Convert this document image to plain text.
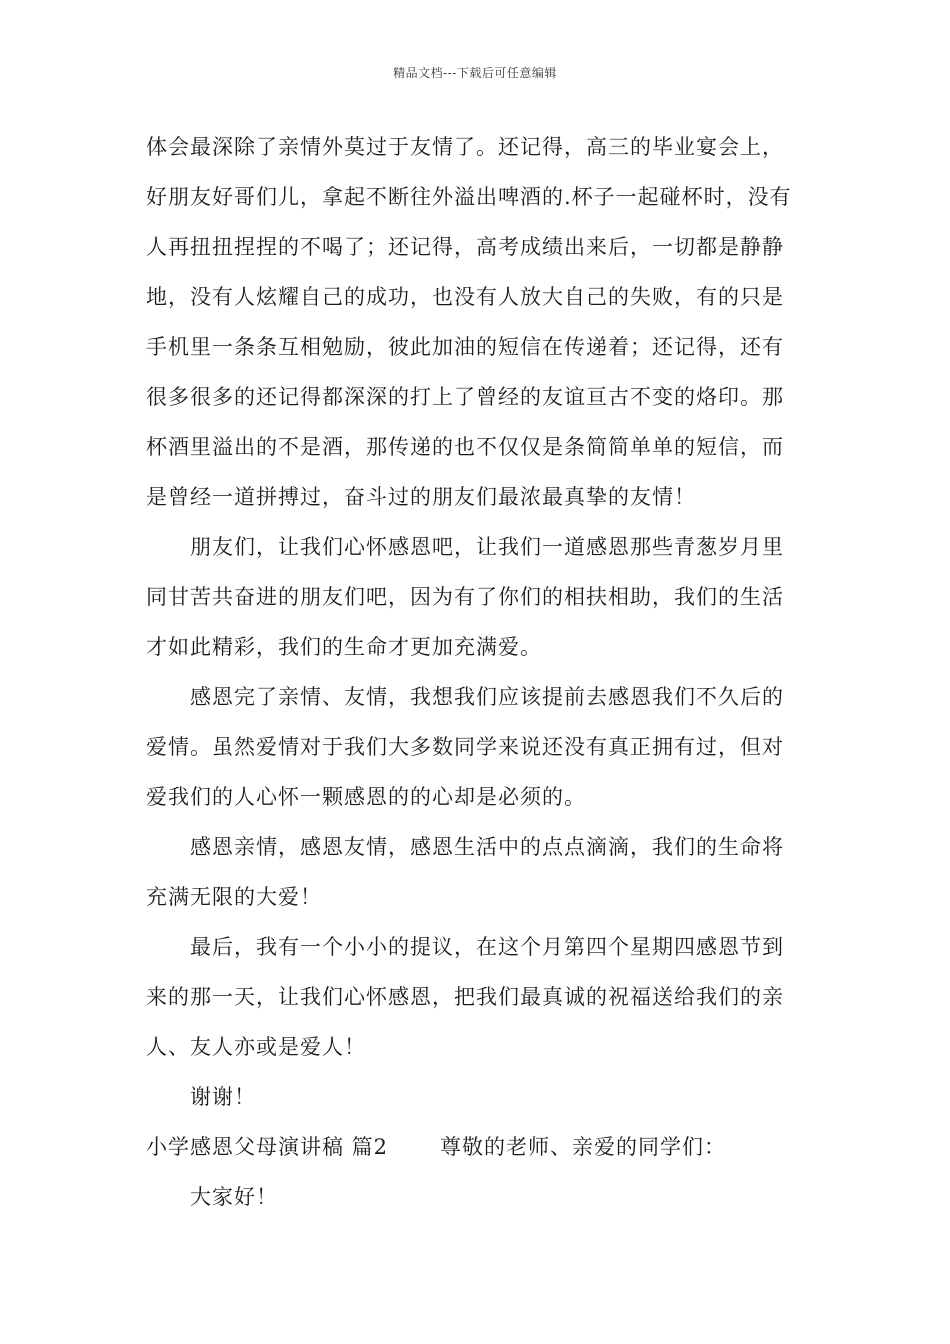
精品文档---下载后可任意编辑
体会最深除了亲情外莫过于友情了。还记得，高三的毕业宴会上，
好朋友好哥们儿，拿起不断往外溢出啤酒的.杯子一起碰杯时，没有
人再扭扭捏捏的不喝了；还记得，高考成绩出来后，一切都是静静
地，没有人炫耀自己的成功，也没有人放大自己的失败，有的只是
手机里一条条互相勉励，彼此加油的短信在传递着；还记得，还有
很多很多的还记得都深深的打上了曾经的友谊亘古不变的烙印。那
杯酒里溢出的不是酒，那传递的也不仅仅是条简简单单的短信，而
是曾经一道拼搏过，奋斗过的朋友们最浓最真挚的友情！
朋友们，让我们心怀感恩吧，让我们一道感恩那些青葱岁月里
同甘苦共奋进的朋友们吧，因为有了你们的相扶相助，我们的生活
才如此精彩，我们的生命才更加充满爱。
感恩完了亲情、友情，我想我们应该提前去感恩我们不久后的
爱情。虽然爱情对于我们大多数同学来说还没有真正拥有过，但对
爱我们的人心怀一颗感恩的的心却是必须的。
感恩亲情，感恩友情，感恩生活中的点点滴滴，我们的生命将
充满无限的大爱！
最后，我有一个小小的提议，在这个月第四个星期四感恩节到
来的那一天，让我们心怀感恩，把我们最真诚的祝福送给我们的亲
人、友人亦或是爱人！
谢谢！
小学感恩父母演讲稿 篇2 尊敬的老师、亲爱的同学们：
大家好！
